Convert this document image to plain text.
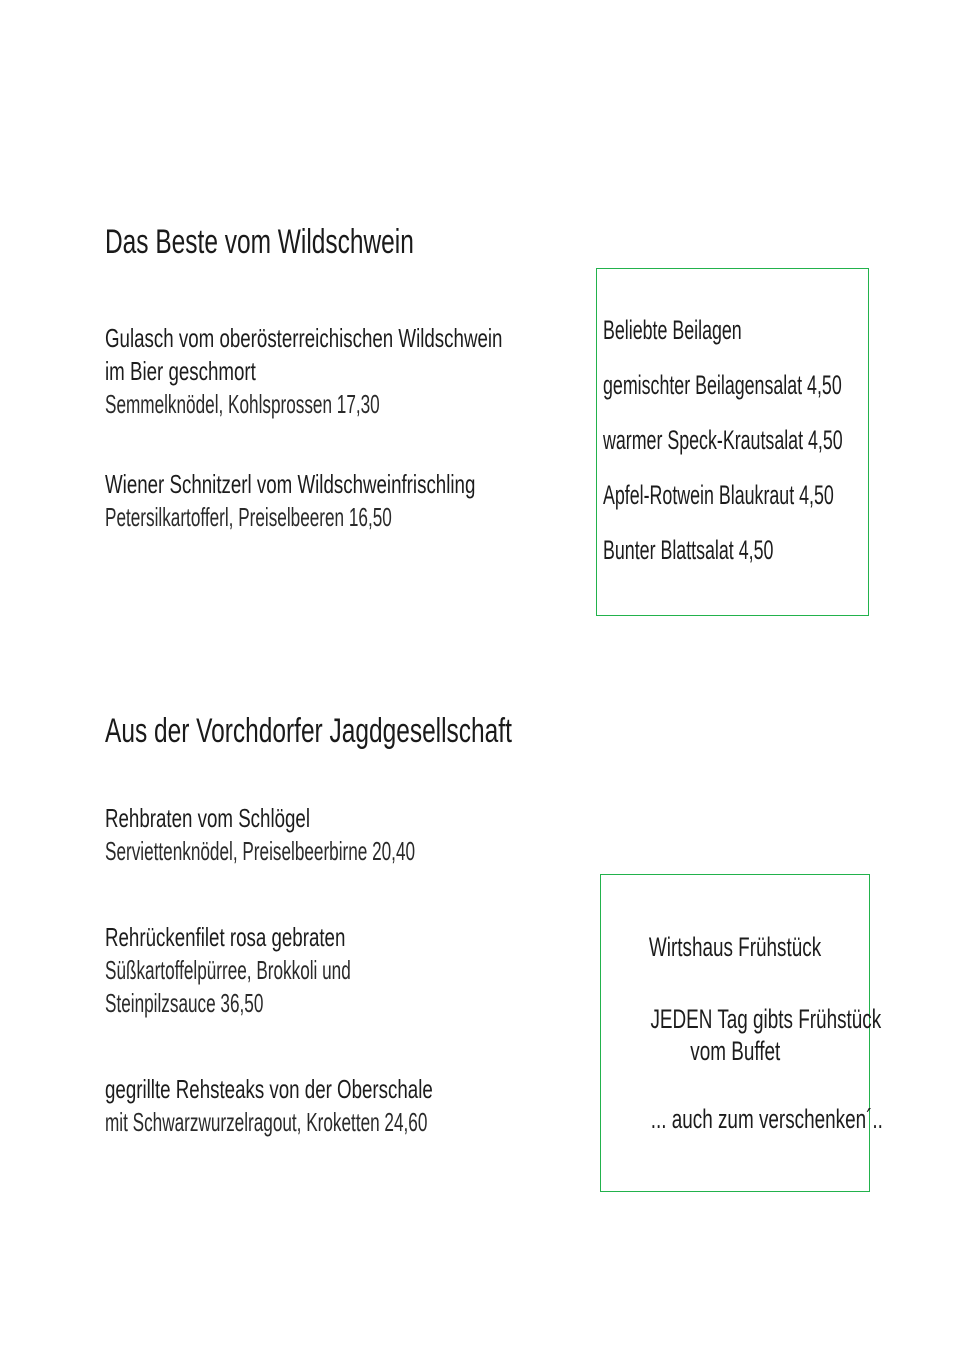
Das Beste vom Wildschwein
Gulasch vom oberösterreichischen Wildschwein
im Bier geschmort
Semmelknödel, Kohlsprossen 17,30
Wiener Schnitzerl vom Wildschweinfrischling
Petersilkartofferl, Preiselbeeren 16,50
Beliebte Beilagen
gemischter Beilagensalat 4,50
warmer Speck-Krautsalat 4,50
Apfel-Rotwein Blaukraut 4,50
Bunter Blattsalat 4,50
Aus der Vorchdorfer Jagdgesellschaft
Rehbraten vom Schlögel
Serviettenknödel, Preiselbeerbirne 20,40
Rehrückenfilet rosa gebraten
Süßkartoffelpürree, Brokkoli und
Steinpilzsauce 36,50
gegrillte Rehsteaks von der Oberschale
mit Schwarzwurzelragout, Kroketten 24,60
Wirtshaus Frühstück
JEDEN Tag gibts Frühstück
vom Buffet
... auch zum verschenken´..
